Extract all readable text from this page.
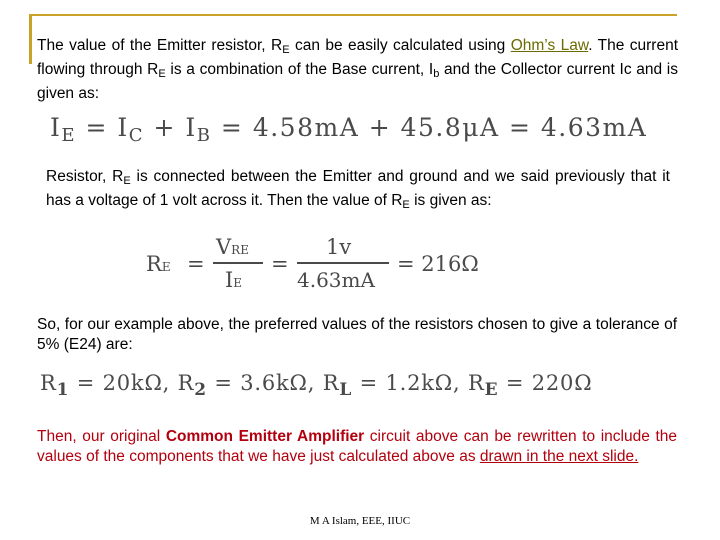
The value of the Emitter resistor, $R_E$ can be easily calculated using Ohm’s Law. The current flowing through $R_E$ is a combination of the Base current, $I_b$ and the Collector current Ic and is given as:
$I_E = I_C + I_B = 4.58mA + 45.8\mu A = 4.63mA$
Resistor, $R_E$ is connected between the Emitter and ground and we said previously that it has a voltage of 1 volt across it. Then the value of $R_E$ is given as:
RE =
VRE
IE
=
1v
4.63mA
= 216Ω
So, for our example above, the preferred values of the resistors chosen to give a tolerance of 5% (E24) are:
$R_1 = 20k\Omega$, $R_2 = 3.6k\Omega$, $R_L = 1.2k\Omega$, $R_E = 220\Omega$
Then, our original Common Emitter Amplifier circuit above can be rewritten to include the values of the components that we have just calculated above as drawn in the next slide.
M A Islam, EEE, IIUC
